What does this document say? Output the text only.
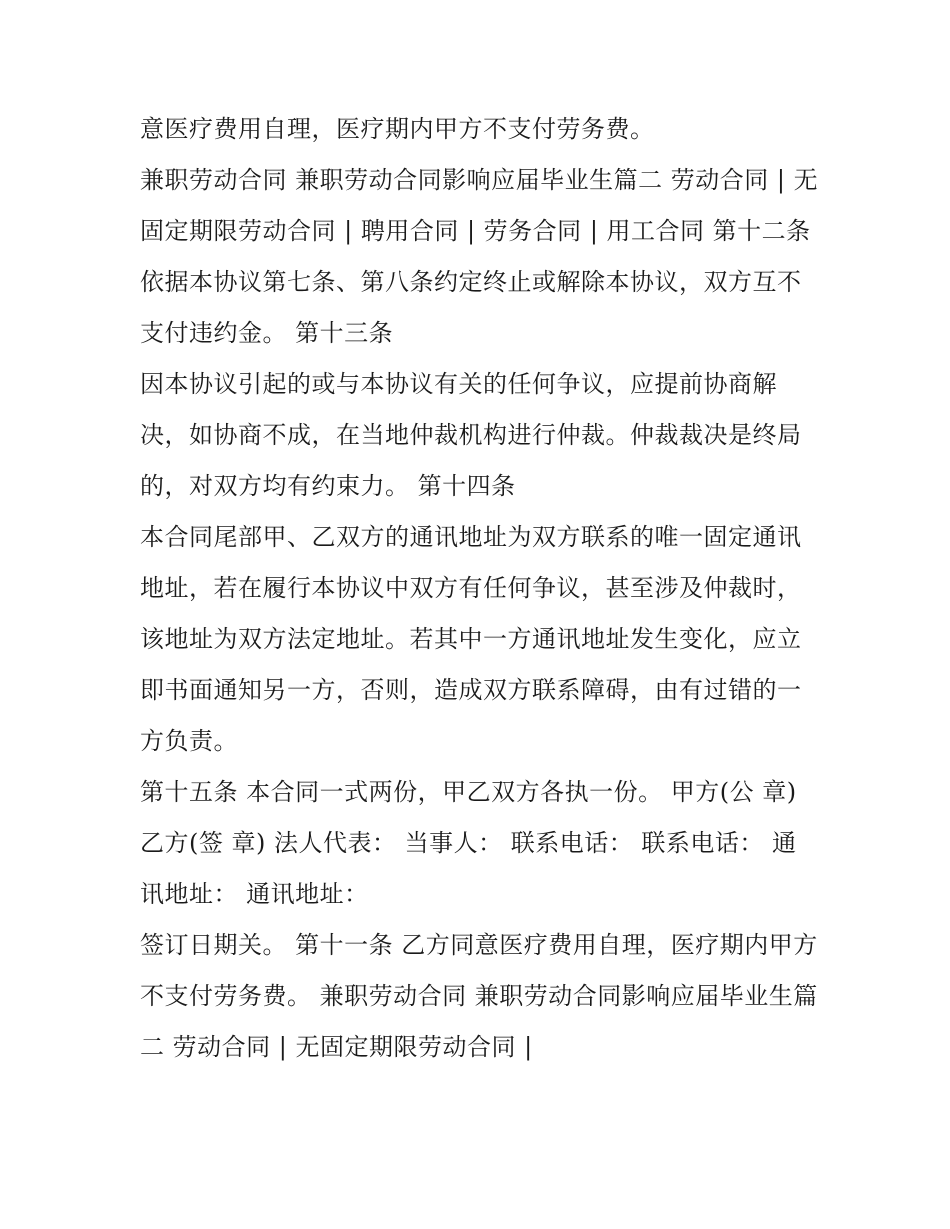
意医疗费用自理，医疗期内甲方不支付劳务费。

兼职劳动合同 兼职劳动合同影响应届毕业生篇二 劳动合同 | 无固定期限劳动合同 | 聘用合同 | 劳务合同 | 用工合同 第十二条

依据本协议第七条、第八条约定终止或解除本协议，双方互不支付违约金。 第十三条

因本协议引起的或与本协议有关的任何争议，应提前协商解决，如协商不成，在当地仲裁机构进行仲裁。仲裁裁决是终局的，对双方均有约束力。 第十四条

本合同尾部甲、乙双方的通讯地址为双方联系的唯一固定通讯地址，若在履行本协议中双方有任何争议，甚至涉及仲裁时，该地址为双方法定地址。若其中一方通讯地址发生变化，应立即书面通知另一方，否则，造成双方联系障碍，由有过错的一方负责。

第十五条 本合同一式两份，甲乙双方各执一份。 甲方(公 章) 乙方(签 章) 法人代表： 当事人： 联系电话： 联系电话： 通讯地址： 通讯地址：

签订日期关。 第十一条 乙方同意医疗费用自理，医疗期内甲方不支付劳务费。 兼职劳动合同 兼职劳动合同影响应届毕业生篇二 劳动合同 | 无固定期限劳动合同 |
